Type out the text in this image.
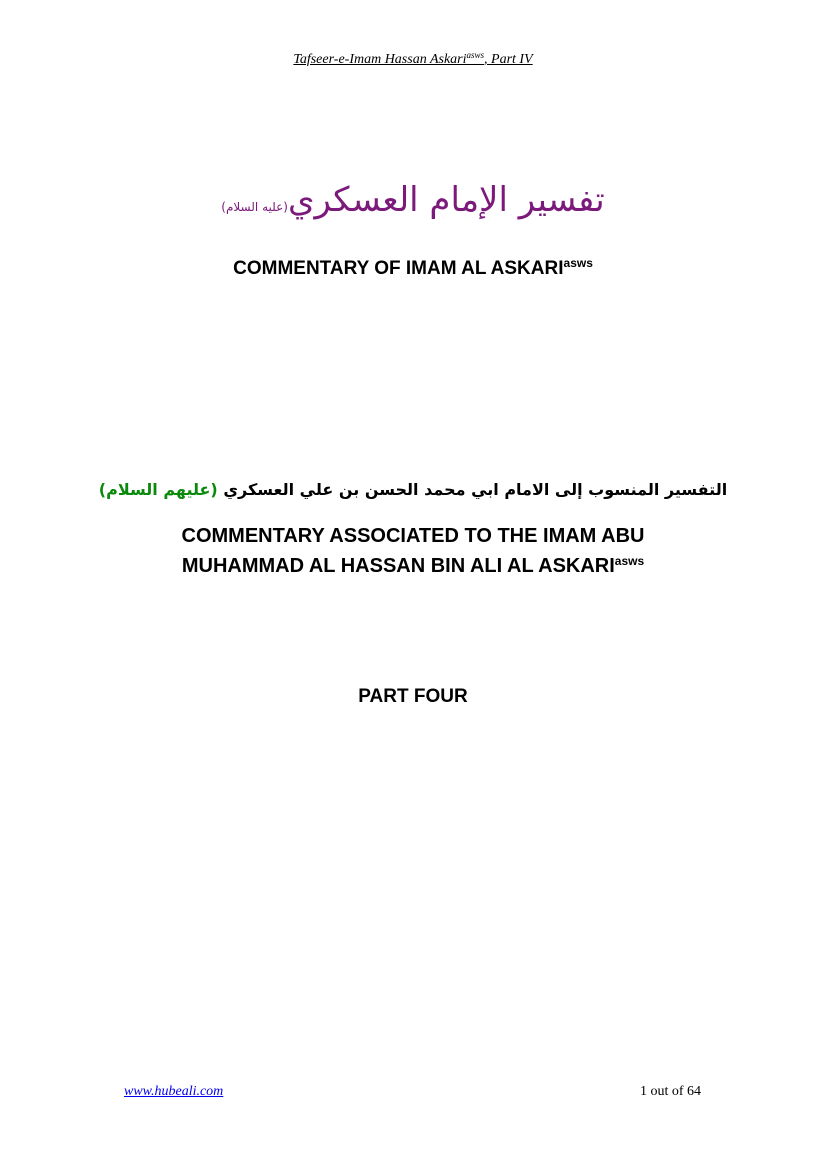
Tafseer-e-Imam Hassan Askari$^{asws}$, Part IV
تفسير الإمام العسكري(عليه السلام)
COMMENTARY OF IMAM AL $ASKARI^{asws}$
التفسير المنسوب إلى الامام ابي محمد الحسن بن علي العسكري (عليهم السلام)
COMMENTARY ASSOCIATED TO THE IMAM ABU
MUHAMMAD AL HASSAN BIN ALI AL $ASKARI^{asws}$
PART FOUR
www.hubeali.com	1 out of 64
